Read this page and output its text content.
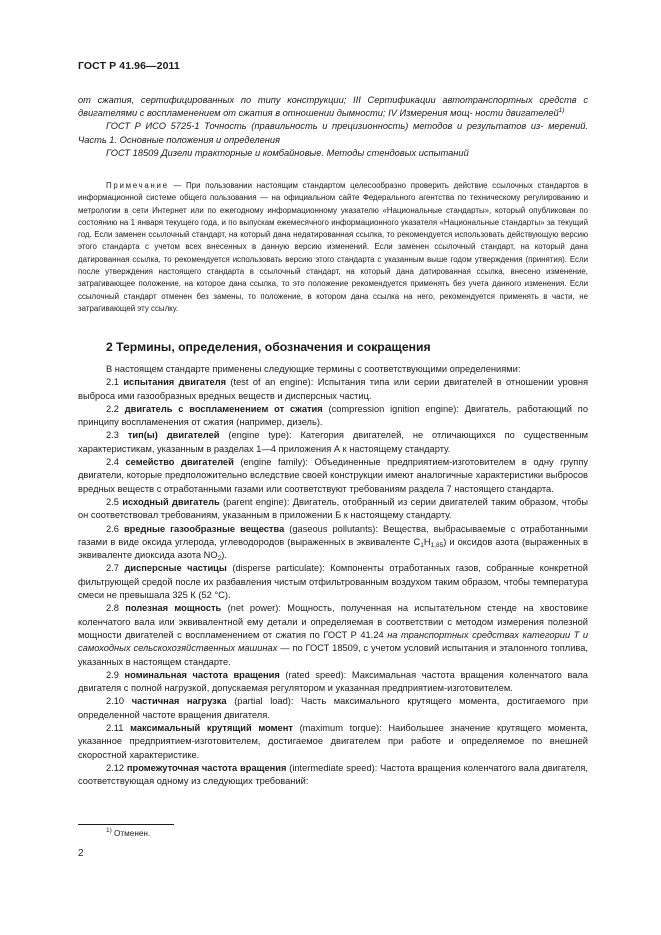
ГОСТ Р 41.96—2011

от сжатия, сертифицированных по типу конструкции; III Сертификации автотранспортных средств с двигателями с воспламенением от сжатия в отношении дымности; IV Измерения мощ- ности двигателей$^{1)}$

ГОСТ Р ИСО 5725-1 Точность (правильность и прецизионность) методов и результатов из- мерений. Часть 1. Основные положения и определения

ГОСТ 18509 Дизели тракторные и комбайновые. Методы стендовых испытаний

Примечание — При пользовании настоящим стандартом целесообразно проверить действие ссылочных стандартов в информационной системе общего пользования — на официальном сайте Федерального агентства по техническому регулированию и метрологии в сети Интернет или по ежегодному информационному указателю «Национальные стандарты», который опубликован по состоянию на 1 января текущего года, и по выпускам ежемесячного информационного указателя «Национальные стандарты» за текущий год. Если заменен ссылочный стандарт, на который дана недатированная ссылка, то рекомендуется использовать действующую версию этого стандарта с учетом всех внесенных в данную версию изменений. Если заменен ссылочный стандарт, на который дана датированная ссылка, то рекомендуется использовать версию этого стандарта с указанным выше годом утверждения (принятия). Если после утверждения настоящего стандарта в ссылочный стандарт, на который дана датированная ссылка, внесено изменение, затрагивающее положение, на которое дана ссылка, то это положение рекомендуется применять без учета данного изменения. Если ссылочный стандарт отменен без замены, то положение, в котором дана ссылка на него, рекомендуется применять в части, не затрагивающей эту ссылку.

2 Термины, определения, обозначения и сокращения

В настоящем стандарте применены следующие термины с соответствующими определениями:

2.1 испытания двигателя (test of an engine): Испытания типа или серии двигателей в отношении уровня выброса ими газообразных вредных веществ и дисперсных частиц.

2.2 двигатель с воспламенением от сжатия (compression ignition engine): Двигатель, работающий по принципу воспламенения от сжатия (например, дизель).

2.3 тип(ы) двигателей (engine type): Категория двигателей, не отличающихся по существенным характеристикам, указанным в разделах 1—4 приложения А к настоящему стандарту.

2.4 семейство двигателей (engine family): Объединенные предприятием-изготовителем в одну группу двигатели, которые предположительно вследствие своей конструкции имеют аналогичные характеристики выбросов вредных веществ с отработанными газами или соответствуют требованиям раздела 7 настоящего стандарта.

2.5 исходный двигатель (parent engine): Двигатель, отобранный из серии двигателей таким образом, чтобы он соответствовал требованиям, указанным в приложении Б к настоящему стандарту.

2.6 вредные газообразные вещества (gaseous pollutants): Вещества, выбрасываемые с отработанными газами в виде оксида углерода, углеводородов (выраженных в эквиваленте $С_1Н_{1,85}$) и оксидов азота (выраженных в эквиваленте диоксида азота $NO_2$).

2.7 дисперсные частицы (disperse particulate): Компоненты отработанных газов, собранные конкретной фильтрующей средой после их разбавления чистым отфильтрованным воздухом таким образом, чтобы температура смеси не превышала 325 К (52 °С).

2.8 полезная мощность (net power): Мощность, полученная на испытательном стенде на хвостовике коленчатого вала или эквивалентной ему детали и определяемая в соответствии с методом измерения полезной мощности двигателей с воспламенением от сжатия по ГОСТ Р 41.24 на транспортных средствах категории Т и самоходных сельскохозяйственных машинах — по ГОСТ 18509, с учетом условий испытания и эталонного топлива, указанных в настоящем стандарте.

2.9 номинальная частота вращения (rated speed): Максимальная частота вращения коленчатого вала двигателя с полной нагрузкой, допускаемая регулятором и указанная предприятием-изготовителем.

2.10 частичная нагрузка (partial load): Часть максимального крутящего момента, достигаемого при определенной частоте вращения двигателя.

2.11 максимальный крутящий момент (maximum torque): Наибольшее значение крутящего момента, указанное предприятием-изготовителем, достигаемое двигателем при работе и определяемое по внешней скоростной характеристике.

2.12 промежуточная частота вращения (intermediate speed): Частота вращения коленчатого вала двигателя, соответствующая одному из следующих требований:

$^{1)}$ Отменен.
2
